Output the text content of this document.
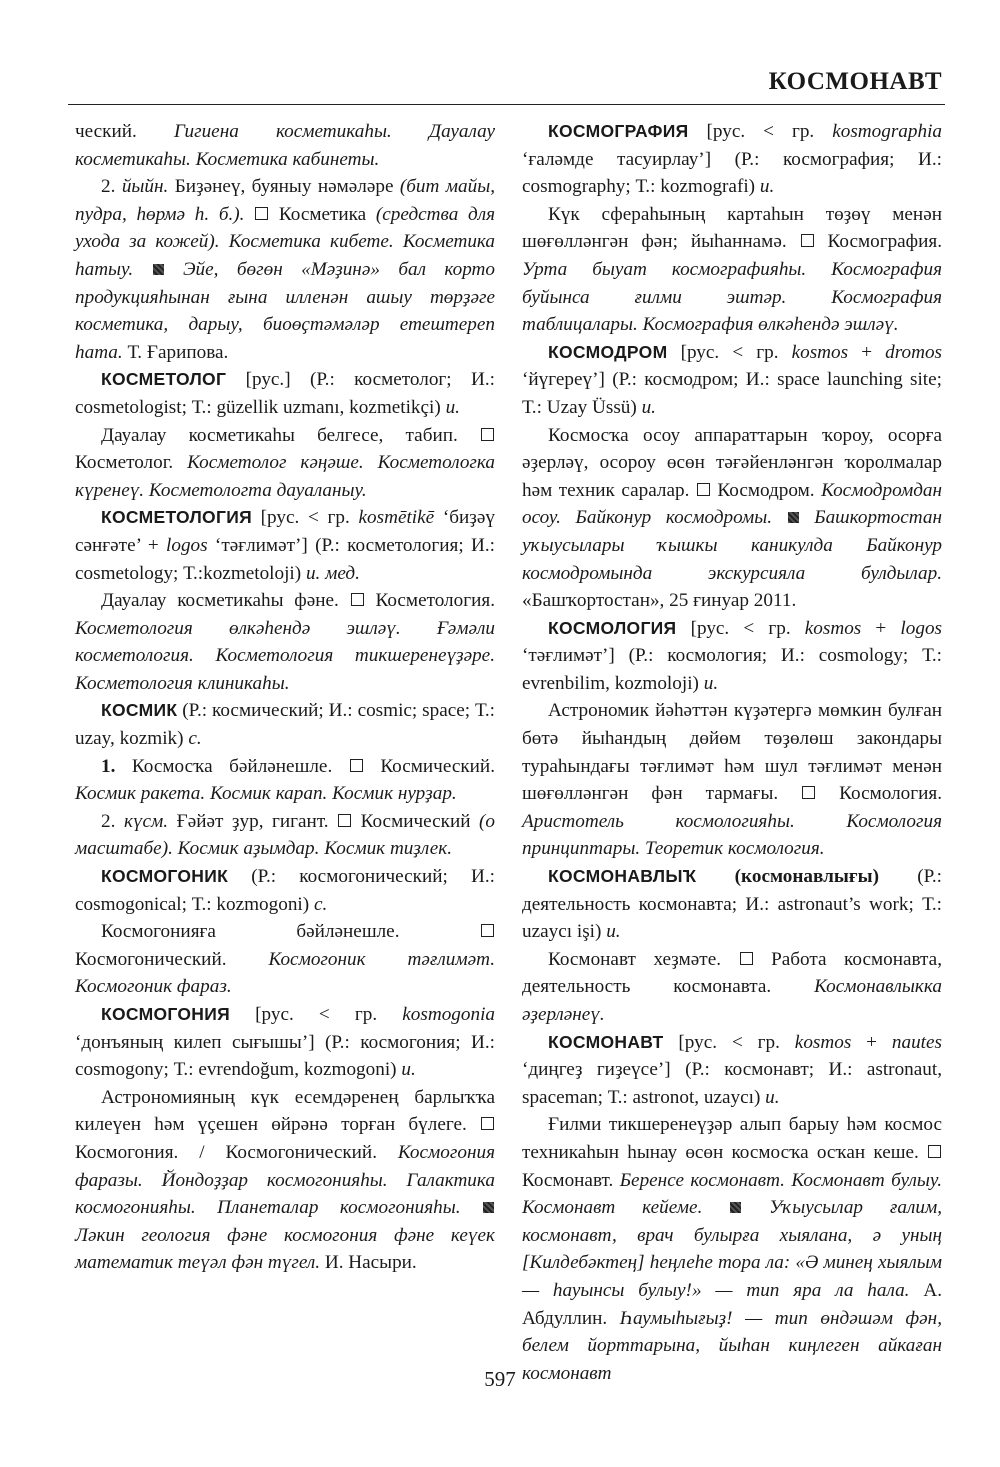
КОСМОНАВТ

ческий. Гигиена косметикаһы. Дауалау косметикаһы. Косметика кабинеты.

2. йыйн. Биҙәнеү, буяныу нәмәләре (бит майы, пудра, һөрмә һ. б.).  Косметика (средства для ухода за кожей). Косметика кибете. Косметика һатыу.  Эйе, бөгөн «Мәҙинә» бал корто продукцияһынан ғына илленән ашыу төрҙәге косметика, дарыу, биоөҫтәмәләр етештереп һата. Т. Ғарипова.

КОСМЕТОЛОГ [рус.] (Р.: косметолог; И.: cosmetologist; Т.: güzellik uzmanı, kozmetikçi) и.

Дауалау косметикаһы белгесе, табип.  Косметолог. Косметолог кәңәше. Косметологка күренеү. Косметологта дауаланыу.

КОСМЕТОЛОГИЯ [рус. < гр. kosmētikē ‘биҙәү сәнғәте’ + logos ‘тәғлимәт’] (Р.: косметология; И.: cosmetology; Т.:kozmetoloji) и. мед.

Дауалау косметикаһы фәне.  Косметология. Косметология өлкәһендә эшләү. Ғәмәли косметология. Косметология тикшеренеүҙәре. Косметология клиникаһы.

КОСМИК (Р.: космический; И.: cosmic; space; Т.: uzay, kozmik) с.

1. Космосҡа бәйләнешле.  Космический. Космик ракета. Космик карап. Космик нурҙар.

2. күсм. Ғәйәт ҙур, гигант.  Космический (о масштабе). Космик аҙымдар. Космик тиҙлек.

КОСМОГОНИК (Р.: космогонический; И.: cosmogonical; Т.: kozmogoni) с.

Космогонияға бәйләнешле.  Космогонический. Космогоник тәғлимәт. Космогоник фараз.

КОСМОГОНИЯ [рус. < гр. kosmogonia ‘донъяның килеп сығышы’] (Р.: космогония; И.: cosmogony; Т.: evrendoğum, kozmogoni) и.

Астрономияның күк есемдәренең барлыҡҡа килеүен һәм үҫешен өйрәнә торған бүлеге.  Космогония. / Космогонический. Космогония фаразы. Йондоҙҙар космогонияһы. Галактика космогонияһы. Планеталар космогонияһы.  Ләкин геология фәне космогония фәне кеүек математик теүәл фән түгел. И. Насыри.

КОСМОГРАФИЯ [рус. < гр. kosmographia ‘ғаләмде тасуирлау’] (Р.: космография; И.: cosmography; Т.: kozmografi) и.

Күк сфераһының картаһын төҙөү менән шөғөлләнгән фән; йыһаннамә.  Космография. Урта быуат космографияһы. Космография буйынса ғилми эштәр. Космография таблицалары. Космография өлкәһендә эшләү.

КОСМОДРОМ [рус. < гр. kosmos + dromos ‘йүгереү’] (Р.: космодром; И.: space launching site; Т.: Uzay Üssü) и.

Космосҡа осоу аппараттарын ҡороу, осорға әҙерләү, осороу өсөн тәғәйенләнгән ҡоролмалар һәм техник саралар.  Космодром. Космодромдан осоу. Байконур космодромы.  Башкортостан уҡыусылары ҡышкы каникулда Байконур космодромында экскурсияла булдылар. «Башҡортостан», 25 ғинуар 2011.

КОСМОЛОГИЯ [рус. < гр. kosmos + logos ‘тәғлимәт’] (Р.: космология; И.: cosmology; Т.: evrenbilim, kozmoloji) и.

Астрономик йәһәттән күҙәтергә мөмкин булған бөтә йыһандың дөйөм төҙөлөш закондары тураһындағы тәғлимәт һәм шул тәғлимәт менән шөғөлләнгән фән тармағы.  Космология. Аристотель космологияһы. Космология принциптары. Теоретик космология.

КОСМОНАВЛЫҠ (космонавлығы) (Р.: деятельность космонавта; И.: astronaut’s work; Т.: uzaycı işi) и.

Космонавт хеҙмәте.  Работа космонавта, деятельность космонавта. Космонавлыкка әҙерләнеү.

КОСМОНАВТ [рус. < гр. kosmos + nautes ‘диңгеҙ гиҙеүсе’] (Р.: космонавт; И.: astronaut, spaceman; Т.: astronot, uzaycı) и.

Ғилми тикшеренеүҙәр алып барыу һәм космос техникаһын һынау өсөн космосҡа осҡан кеше.  Космонавт. Беренсе космонавт. Космонавт булыу. Космонавт кейеме.  Уҡыусылар ғалим, космонавт, врач булырға хыялана, ә уның [Килдебәктең] һеңлеһе тора ла: «Ә минең хыялым — һауынсы булыу!» — тип яра ла һала. А. Абдуллин. Һаумыһығыҙ! — тип өндәшәм фән, белем йорттарына, йыһан киңлеген айкаған космонавт

597
